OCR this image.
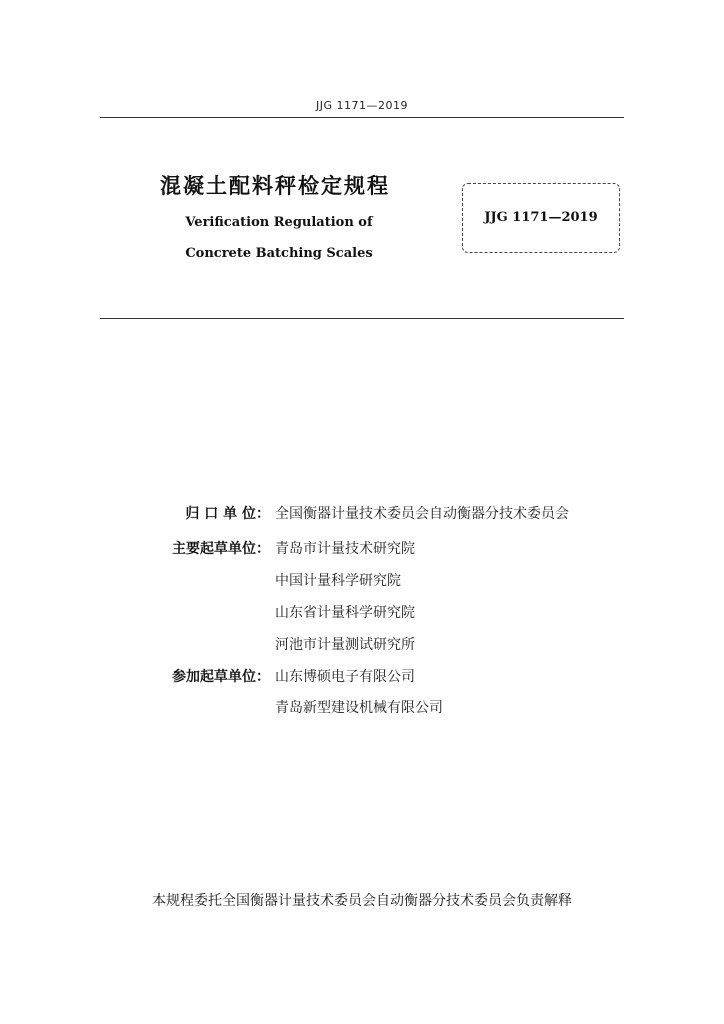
JJG 1171—2019
混凝土配料秤检定规程
Verification Regulation of
Concrete Batching Scales
JJG 1171—2019
归 口 单 位： 全国衡器计量技术委员会自动衡器分技术委员会
主要起草单位： 青岛市计量技术研究院
中国计量科学研究院
山东省计量科学研究院
河池市计量测试研究所
参加起草单位： 山东博硕电子有限公司
青岛新型建设机械有限公司
本规程委托全国衡器计量技术委员会自动衡器分技术委员会负责解释
